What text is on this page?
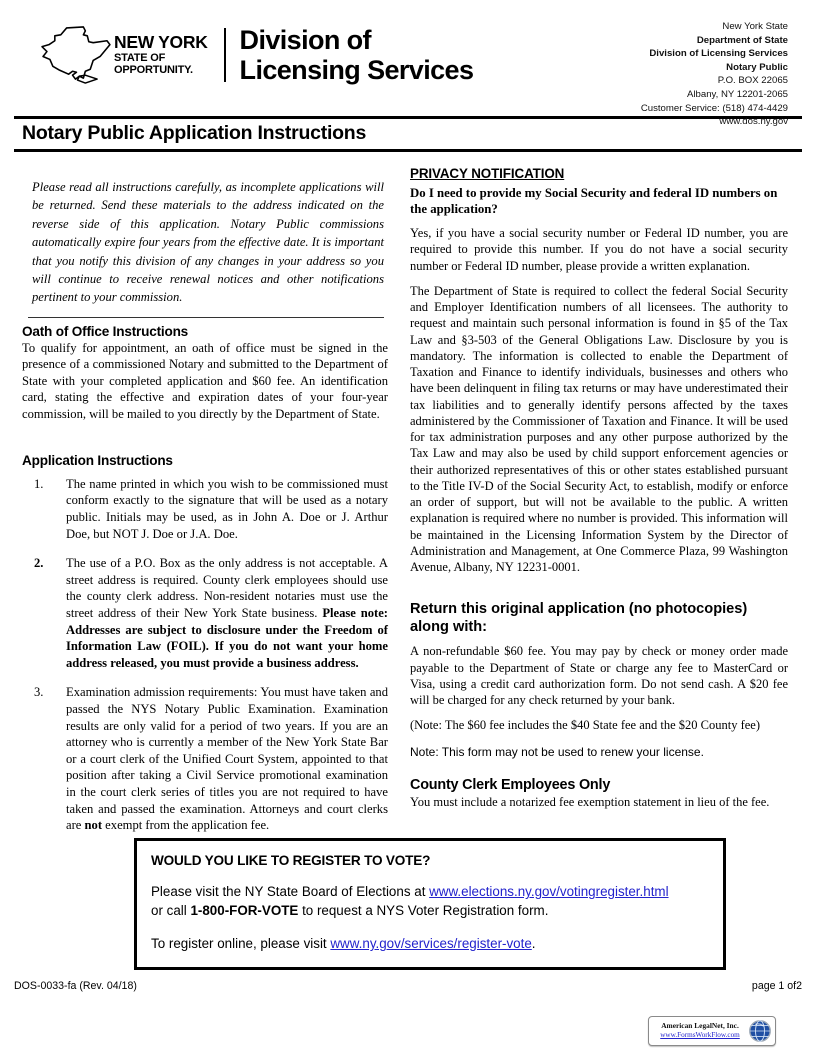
NEW YORK
STATE OF
OPPORTUNITY.
Division of
Licensing Services
New York State
Department of State
Division of Licensing Services
Notary Public
P.O. BOX 22065
Albany, NY 12201-2065
Customer Service: (518) 474-4429
www.dos.ny.gov
Notary Public Application Instructions

Please read all instructions carefully, as incomplete applications will be returned. Send these materials to the address indicated on the reverse side of this application. Notary Public commissions automatically expire four years from the effective date. It is important that you notify this division of any changes in your address so you will continue to receive renewal notices and other notifications pertinent to your commission.

Oath of Office Instructions

To qualify for appointment, an oath of office must be signed in the presence of a commissioned Notary and submitted to the Department of State with your completed application and $60 fee. An identification card, stating the effective and expiration dates of your four-year commission, will be mailed to you directly by the Department of State.

Application Instructions
1. The name printed in which you wish to be commissioned must conform exactly to the signature that will be used as a notary public. Initials may be used, as in John A. Doe or J. Arthur Doe, but NOT J. Doe or J.A. Doe.
2. The use of a P.O. Box as the only address is not acceptable. A street address is required. County clerk employees should use the county clerk address. Non-resident notaries must use the street address of their New York State business. Please note: Addresses are subject to disclosure under the Freedom of Information Law (FOIL). If you do not want your home address released, you must provide a business address.
3. Examination admission requirements: You must have taken and passed the NYS Notary Public Examination. Examination results are only valid for a period of two years. If you are an attorney who is currently a member of the New York State Bar or a court clerk of the Unified Court System, appointed to that position after taking a Civil Service promotional examination in the court clerk series of titles you are not required to have taken and passed the examination. Attorneys and court clerks are not exempt from the application fee.
PRIVACY NOTIFICATION

Do I need to provide my Social Security and federal ID numbers on the application?

Yes, if you have a social security number or Federal ID number, you are required to provide this number. If you do not have a social security number or Federal ID number, please provide a written explanation.

The Department of State is required to collect the federal Social Security and Employer Identification numbers of all licensees. The authority to request and maintain such personal information is found in §5 of the Tax Law and §3-503 of the General Obligations Law. Disclosure by you is mandatory. The information is collected to enable the Department of Taxation and Finance to identify individuals, businesses and others who have been delinquent in filing tax returns or may have underestimated their tax liabilities and to generally identify persons affected by the taxes administered by the Commissioner of Taxation and Finance. It will be used for tax administration purposes and any other purpose authorized by the Tax Law and may also be used by child support enforcement agencies or their authorized representatives of this or other states established pursuant to the Title IV-D of the Social Security Act, to establish, modify or enforce an order of support, but will not be available to the public. A written explanation is required where no number is provided. This information will be maintained in the Licensing Information System by the Director of Administration and Management, at One Commerce Plaza, 99 Washington Avenue, Albany, NY 12231-0001.

Return this original application (no photocopies)
along with:

A non-refundable $60 fee. You may pay by check or money order made payable to the Department of State or charge any fee to MasterCard or Visa, using a credit card authorization form. Do not send cash. A $20 fee will be charged for any check returned by your bank.

(Note: The $60 fee includes the $40 State fee and the $20 County fee)

Note: This form may not be used to renew your license.

County Clerk Employees Only

You must include a notarized fee exemption statement in lieu of the fee.

WOULD YOU LIKE TO REGISTER TO VOTE?

Please visit the NY State Board of Elections at www.elections.ny.gov/votingregister.html
or call 1-800-FOR-VOTE to request a NYS Voter Registration form.

To register online, please visit www.ny.gov/services/register-vote.

DOS-0033-fa (Rev. 04/18)	page 1 of2
American LegalNet, Inc.
www.FormsWorkFlow.com
